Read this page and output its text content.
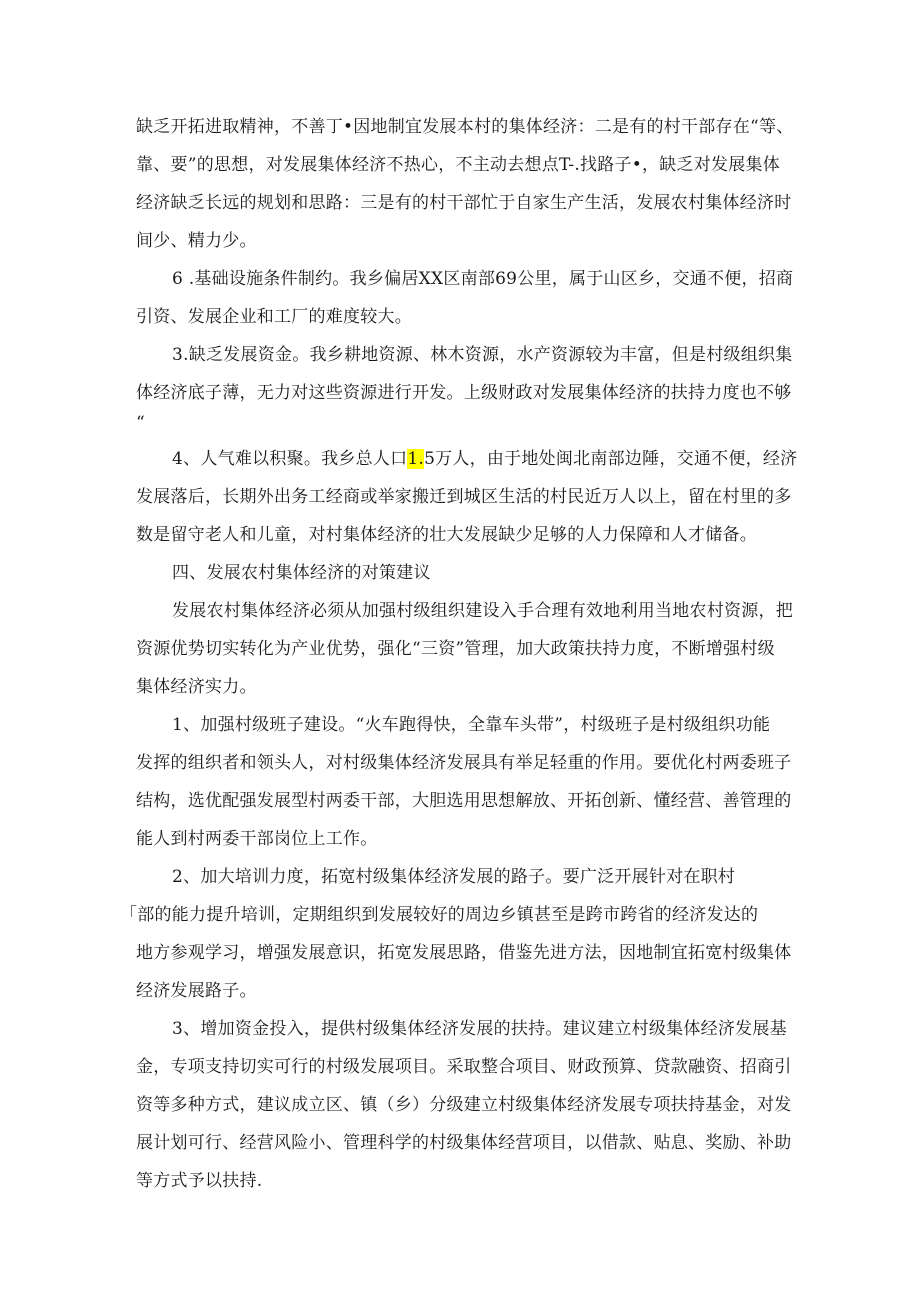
缺乏开拓进取精神，不善丁•因地制宜发展本村的集体经济：二是有的村干部存在“等、
靠、要”的思想，对发展集体经济不热心，不主动去想点T-.找路子•，缺乏对发展集体
经济缺乏长远的规划和思路：三是有的村干部忙于自家生产生活，发展农村集体经济时
间少、精力少。
6 .基础设施条件制约。我乡偏居XX区南部69公里，属于山区乡，交通不便，招商
引资、发展企业和工厂的难度较大。
3.缺乏发展资金。我乡耕地资源、林木资源，水产资源较为丰富，但是村级组织集
体经济底子薄，无力对这些资源进行开发。上级财政对发展集体经济的扶持力度也不够
“
4、人气难以积聚。我乡总人口1.5万人，由于地处闽北南部边陲，交通不便，经济
发展落后，长期外出务工经商或举家搬迁到城区生活的村民近万人以上，留在村里的多
数是留守老人和儿童，对村集体经济的壮大发展缺少足够的人力保障和人才储备。
四、发展农村集体经济的对策建议
发展农村集体经济必须从加强村级组织建设入手合理有效地利用当地农村资源，把
资源优势切实转化为产业优势，强化“三资”管理，加大政策扶持力度，不断增强村级
集体经济实力。
1、加强村级班子建设。“火车跑得快，全靠车头带”，村级班子是村级组织功能
发挥的组织者和领头人，对村级集体经济发展具有举足轻重的作用。要优化村两委班子
结构，选优配强发展型村两委干部，大胆选用思想解放、开拓创新、懂经营、善管理的
能人到村两委干部岗位上工作。
2、加大培训力度，拓宽村级集体经济发展的路子。要广泛开展针对在职村
「部的能力提升培训，定期组织到发展较好的周边乡镇甚至是跨市跨省的经济发达的
地方参观学习，增强发展意识，拓宽发展思路，借鉴先进方法，因地制宜拓宽村级集体
经济发展路子。
3、增加资金投入，提供村级集体经济发展的扶持。建议建立村级集体经济发展基
金，专项支持切实可行的村级发展项目。采取整合项目、财政预算、贷款融资、招商引
资等多种方式，建议成立区、镇（乡）分级建立村级集体经济发展专项扶持基金，对发
展计划可行、经营风险小、管理科学的村级集体经营项目，以借款、贴息、奖励、补助
等方式予以扶持.
